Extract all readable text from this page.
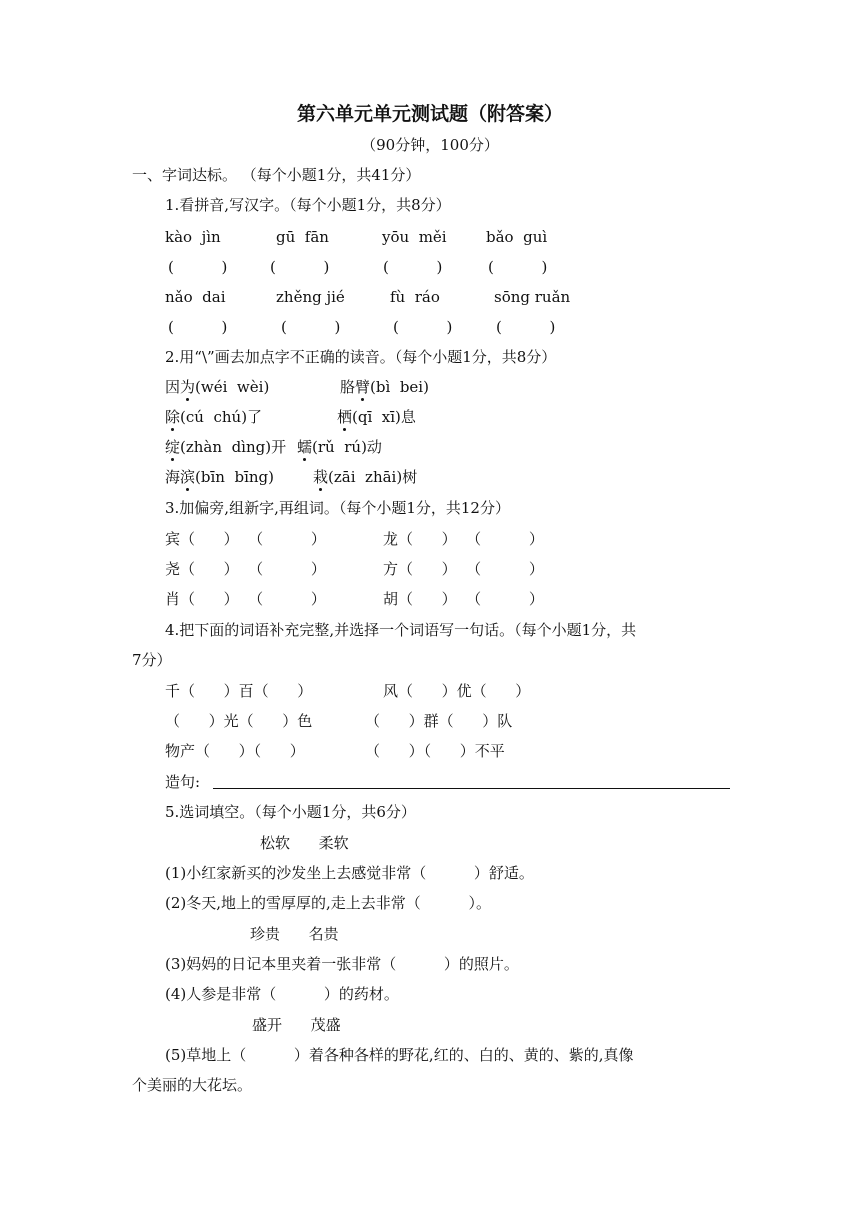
第六单元单元测试题（附答案）
（90分钟，100分）
一、字词达标。 （每个小题1分，共41分）
1.看拼音,写汉字。（每个小题1分，共8分）
kào  jìn	gū  fān	yōu  měi	bǎo  guì
(          )	(          )	(          )	(          )
nǎo  dai	zhěng jié	fù  ráo	sōng ruǎn
(          )	(          )	(          )	(          )
2.用“\”画去加点字不正确的读音。（每个小题1分，共8分）
因为(wéi  wèi)	胳臂(bì  bei)
除(cú  chú)了	栖(qī  xī)息
绽(zhàn  dìng)开 蠕(rǔ  rú)动
海滨(bīn  bīng)	栽(zāi  zhāi)树
3.加偏旁,组新字,再组词。（每个小题1分，共12分）
宾（      ）  （          ）	龙（      ）  （          ）
尧（      ）  （          ）	方（      ）  （          ）
肖（      ）  （          ）	胡（      ）  （          ）
4.把下面的词语补充完整,并选择一个词语写一句话。（每个小题1分，共
7分）
千（      ）百（      ）	风（      ）优（      ）
（      ）光（      ）色	（      ）群（      ）队
物产（      ）（      ）	（      ）（      ）不平
造句:
5.选词填空。（每个小题1分，共6分）
松软      柔软
(1)小红家新买的沙发坐上去感觉非常（          ）舒适。
(2)冬天,地上的雪厚厚的,走上去非常（          ）。
珍贵      名贵
(3)妈妈的日记本里夹着一张非常（          ）的照片。
(4)人参是非常（          ）的药材。
盛开      茂盛
(5)草地上（          ）着各种各样的野花,红的、白的、黄的、紫的,真像
个美丽的大花坛。
